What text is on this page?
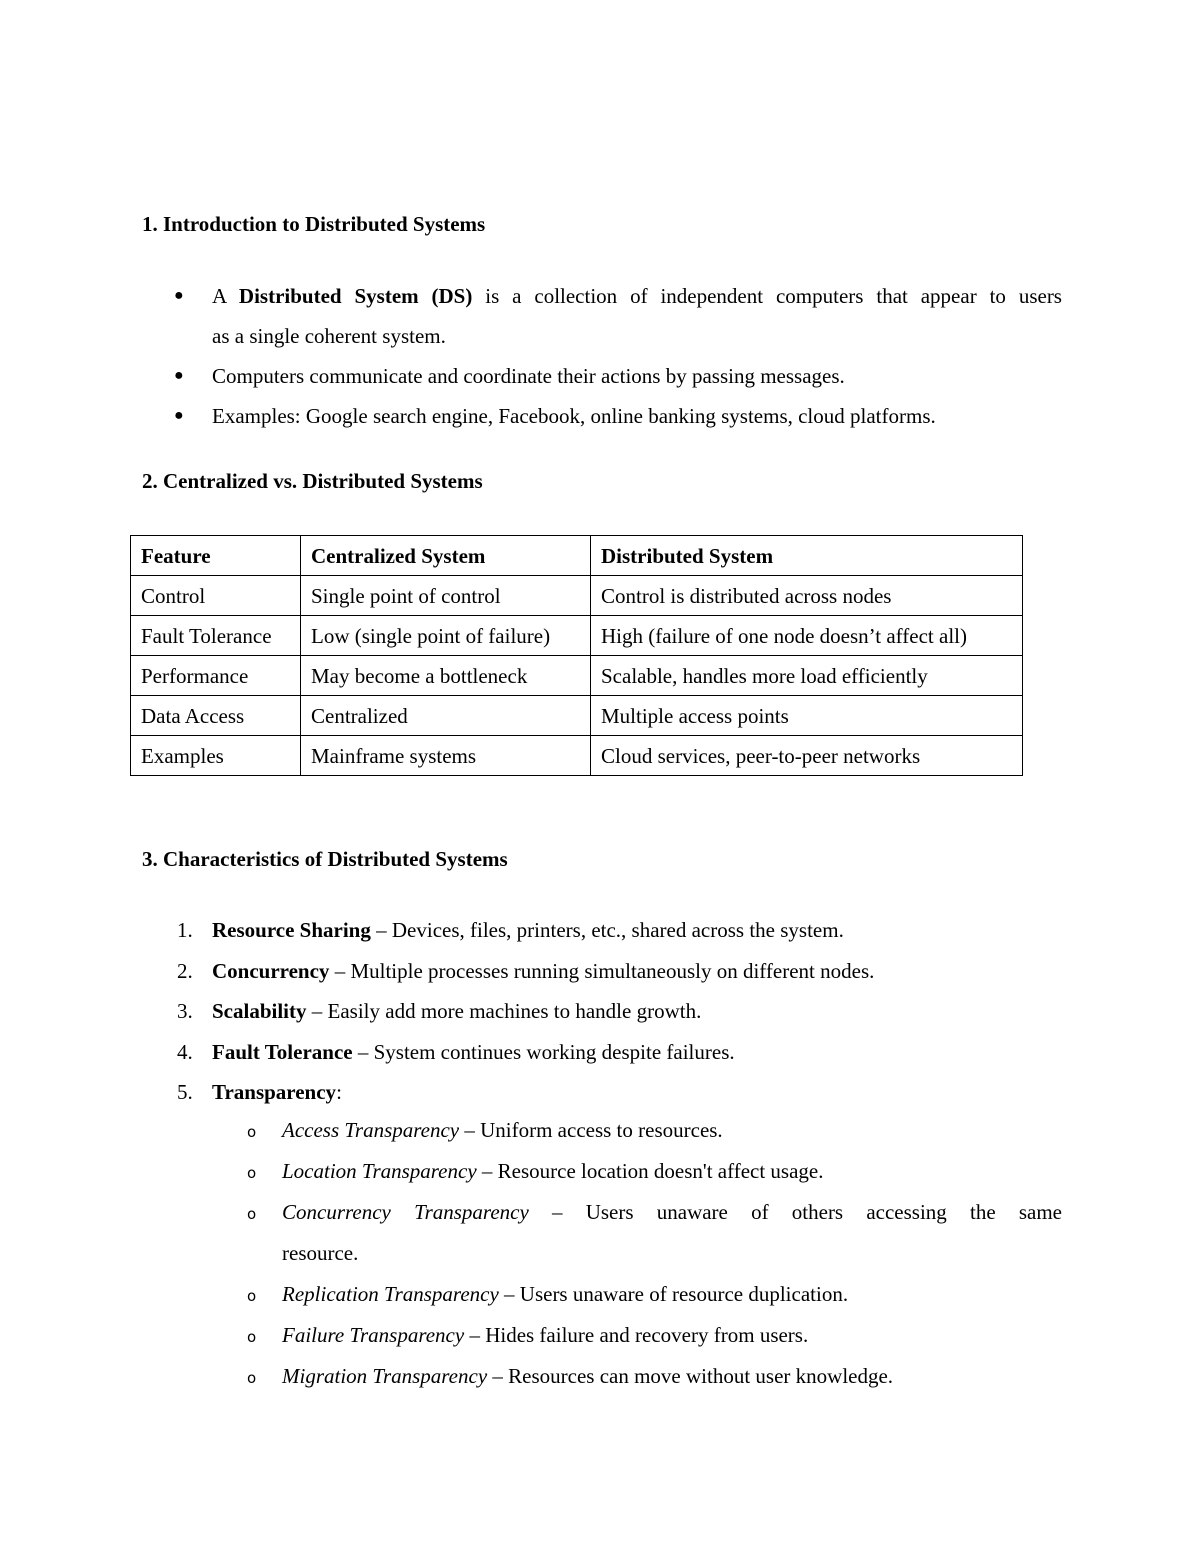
1. Introduction to Distributed Systems
● A Distributed System (DS) is a collection of independent computers that appear to users
as a single coherent system.
● Computers communicate and coordinate their actions by passing messages.
● Examples: Google search engine, Facebook, online banking systems, cloud platforms.
2. Centralized vs. Distributed Systems
Feature	Centralized System	Distributed System
Control	Single point of control	Control is distributed across nodes
Fault Tolerance	Low (single point of failure)	High (failure of one node doesn’t affect all)
Performance	May become a bottleneck	Scalable, handles more load efficiently
Data Access	Centralized	Multiple access points
Examples	Mainframe systems	Cloud services, peer-to-peer networks
3. Characteristics of Distributed Systems
1. Resource Sharing – Devices, files, printers, etc., shared across the system.
2. Concurrency – Multiple processes running simultaneously on different nodes.
3. Scalability – Easily add more machines to handle growth.
4. Fault Tolerance – System continues working despite failures.
5. Transparency:
o Access Transparency – Uniform access to resources.
o Location Transparency – Resource location doesn't affect usage.
o Concurrency Transparency – Users unaware of others accessing the same
resource.
o Replication Transparency – Users unaware of resource duplication.
o Failure Transparency – Hides failure and recovery from users.
o Migration Transparency – Resources can move without user knowledge.
